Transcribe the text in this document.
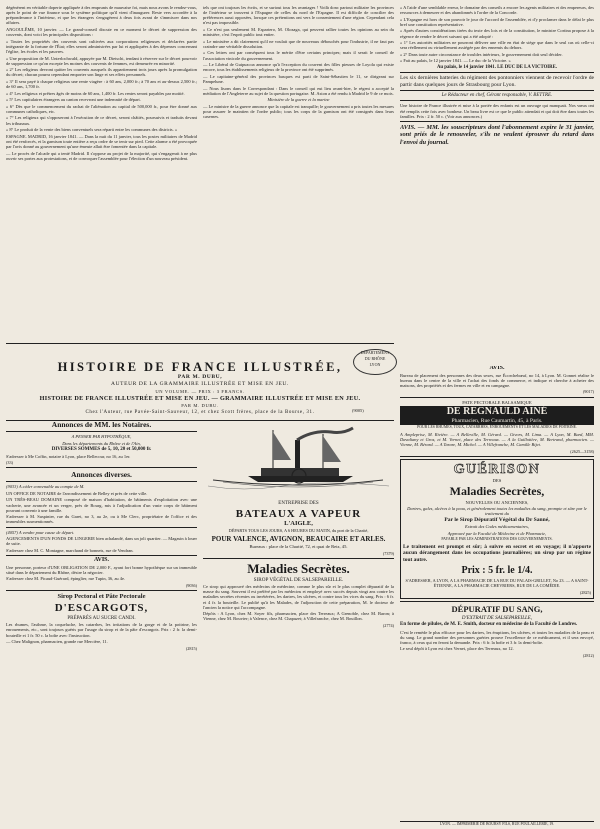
dégénérent en véritable doperie appliquée à des emprunts de mauvaise foi, mais nous avons le rendez-vous, après le point de vue finance sous le système politique qu'il vient d'inaugurer. Reste vers accordée à la préponderance à l'intérieur, et que les étrangers s'engagèrent à deux fois avant de s'immiscer dans nos affaires.

ANGOULÊME, 10 janvier. — Le grand-conseil discute en ce moment le décret de suppression des couvents, dont voici les principales dispositions :

« Toutes les propriétés des couvents sont cultivées aux corporations religieuses et déclarées partie intégrante de la fortune de l'État; elles seront administrées par lui et appliquées à des dépenses concernant l'église, les écoles et les pauvres.

« Une proposition de M. Unterlochwald, appuyée par M. Dietschi, tendant à réserver sur le décret pourvoir de suppression ce qu'on excepte les moines des couvents de femmes, est demeurée en minorité.

« 2° Les religieux devront quitter les couvents auxquels ils appartiennent trois jours après la promulgation du décret; chacun pourra cependant emporter son linge et ses effets personnels.

« 3° Il sera payé à chaque religieux une rente viagère : à 60 ans, 2,000 fr.; à 70 ans et au-dessus 2,500 fr.; de 60 ans, 1,700 fr.

« 4° Les religieux et prêtres âgés de moins de 60 ans, 1,400 fr. Les rentes seront payables par moitié.

« 5° Les capitulaires étrangers au canton recevront une indemnité de départ.

« 6° Dès que le commencement du rachat de l'aliénation au capital de 500,000 fr., pour être donné aux communes catholiques, etc.

« 7° Les religieux qui s'opposeront à l'exécution de ce décret, seront châtiés, poursuivis et traduits devant les tribunaux.

« 8° Le produit de la vente des biens conventuels sera réparti entre les communes des districts. »

ESPAGNE. MADRID, 16 janvier 1841. — Dans la nuit du 11 janvier, tous les postes militaires de Madrid ont été renforcés, et la garnison toute entière a reçu ordre de se tenir sur pied. Cette alarme a été provoquée par l'avis donné au gouvernement qu'une émeute allait être fomentée dans la capitale.

— Le procès de l'alcade qui a tenté Madrid. Il s'oppose au projet de la majorité, qui s'engagerait à ne plus ouvrir ses portes aux protestations, et de convoquer l'assemblée pour l'élection d'un nouveau président.

tels que ont toujours les écrits, et se surtout tous les avantages ! Voilà donc partout militaire les provinces de l'intérieur se trouvent à l'Espagne de celles du nord de l'Espagne. Il est difficile de concilier des préférences aussi opposées, lorsque ces prétentions ont vers le consentement d'une région. Cependant cela n'est pas impossible.

« Ce n'est pas seulement M. Espartero, M. Olozaga, qui peuvent rallier toutes les opinions au sein du ministère, c'est l'esprit public tout entier.

« Le ministère a dit clairement qu'il ne voulait que de nouveaux débouchés pour l'industrie, il ne faut pas craindre une véritable dissolution.

« Ces lettres ont par conséquent tous le mérite d'être certains principes; mais il serait le conseil de l'association vinicole du gouvernement.

— Le Libéral de Guipuzcoa annonce qu'à l'exception du couvent des filles pieuses de Loyola qui existe encore, tous les établissements religieux de la province ont été supprimés.

— Le capitaine-général des provinces basques est parti de Saint-Sébastien le 11, se dirigeant sur Pampelune.

— Nous lisons dans le Correspondant : Dans le conseil qui eut lieu avant-hier, le régent a accepté la médiation de l'Angleterre au sujet de la question portugaise. M. Aston a été rendu à Madrid le 9 de ce mois.

Ministère de la guerre et la marine

— Le ministre de la guerre annonce que la capitale est tranquille; le gouvernement a pris toutes les mesures pour assurer le maintien de l'ordre public; tous les corps de la garnison ont été consignés dans leurs casernes.

« A l'aide d'une semblable erreur, le domaine des conseils a encore les agents militaires et des empereurs, des ressources à demeurer et des abandonnés à l'ordre de la Concorde.

« L'Espagne est hors de son pouvoir le jour de l'accord de l'assemblée, et d'y proclamer dans le délai le plus bref une constitution représentative.

« Après d'autres considérations tirées du texte des lois et de la constitution, le ministre Cortina propose à la régence de rendre le décret suivant qui a été adopté :

« 1° Les autorités militaires ne pourront délivrer une ville en état de siège que dans le seul cas où celle-ci sera réellement ou virtuellement assiégée par des ennemis du dehors.

« 2° Dans toute autre circonstance de troubles intérieurs, le gouvernement doit seul décider.

« Fait au palais, le 12 janvier 1841. — Le duc de la Victoire. »

Au palais, le 14 janvier 1841. LE DUC DE LA VICTOIRE.

Les six dernières batteries du régiment des pontonniers viennent de recevoir l'ordre de partir dans quelques jours de Strasbourg pour Lyon.

Le Rédacteur en chef, Gérant responsable, V. BETTRE.

Une histoire de France illustrée et mise à la portée des enfants est un ouvrage qui manquait. Nos vœux ont été remplis cette fois avec bonheur. Un beau livre est ce que le public attendait et qui doit être dans toutes les familles. Prix : 2 fr. 50 c. (Voir aux annonces.)

AVIS. — MM. les souscripteurs dont l'abonnement expire le 31 janvier, sont priés de le renouveler, s'ils ne veulent éprouver du retard dans l'envoi du journal.

HISTOIRE DE FRANCE ILLUSTRÉE,

PAR M. DUBU,

AUTEUR DE LA GRAMMAIRE ILLUSTRÉE ET MISE EN JEU.

UN VOLUME. — PRIX : 3 FRANCS.

HISTOIRE DE FRANCE ILLUSTRÉE ET MISE EN JEU. — GRAMMAIRE ILLUSTRÉE ET MISE EN JEU.

PAR M. DUBU.

Chez l'Auteur, rue Pavée-Saint-Sauveur, 12, et chez Scott frères, place de la Bourse, 31.

DÉPARTEMENT
DU RHÔNE
LYON
(9005)

Annonces de MM. les Notaires.

A PENSER PAR HYPOTHÈQUE,

Dans les départements du Rhône et de l'Ain,

DIVERSES SOMMES de 5, 10, 20 et 50,000 fr.

S'adresser à Me Coffin, notaire à Lyon, place Bellecour, no 16, au 1er.

(33)

Annonces diverses.

(9033) A céder convenable au compte de M.

UN OFFICE DE NOTAIRE de l'arrondissement de Belley et près de cette ville.

UN TRÈS-BEAU DOMAINE composé de maison d'habitation, de bâtiments d'exploitation avec une vacherie, une avancée et un verger, près de Bourg, mis à l'adjudication d'un vaste corps de bâtiment pouvant convenir à une famille.

S'adresser à M. Suspinier, rue du Garet, no 3, au 2e, ou à Me Clerc, propriétaire de l'office et des immeubles susmentionnés.

(4057) A vendre pour cause de départ.

AGENCEMENTS D'UN FONDS DE LINGERIE bien achalandé, dans un joli quartier. — Magasin à louer de suite.

S'adresser chez M. C. Montagne, marchand de bonnets, rue de Vendran.

AVIS.

Une personne, porteur d'UNE OBLIGATION DE 2,000 F., ayant fort bonne hypothèque sur un immeuble situé dans le département du Rhône, désire la négocier.

S'adresser chez M. Picaud-Guérard, épinglier, rue Tupin, 36, au 4e.

(9036)

Sirop Pectoral et Pâte Pectorale

D'ESCARGOTS,

PRÉPARÉS AU SUCRE CANDI.

Les rhumes, l'asthme, la coqueluche, les catarrhes, les irritations de la gorge et de la poitrine, les enrouements, etc., sont toujours guéris par l'usage du sirop et de la pâte d'escargots. Prix : 2 fr. la demi-bouteille et 1 fr. 50 c. la boîte avec l'instruction.

— Chez Malignon, pharmacien, grande rue Mercière, 11.

(2815)

ENTREPRISE DES

BATEAUX A VAPEUR

L'AIGLE,

DÉPARTS TOUS LES JOURS, A 6 HEURES DU MATIN, du port de la Charité,

POUR VALENCE, AVIGNON, BEAUCAIRE ET ARLES.

Bureaux : place de la Charité, 72, et quai de Retz, 45.

(7379)

Maladies Secrètes.

SIROP VÉGÉTAL DE SALSEPAREILLE.

Ce sirop qui approuvé des médecins de médecine, comme le plus sûr et le plus complet dépuratif de la masse du sang. Souvent il est préféré par les médecins et employé avec succès depuis vingt ans contre les maladies secrètes récentes ou invétérées, les dartres, les ulcères, et contre tous les vices du sang. Prix : 6 fr. et 4 fr. la bouteille. Le publié qu'à les Malades, de l'adjonction de cette préparation, M. le docteur de l'ancien la notice qui l'accompagne.

Dépôts : A Lyon, chez M. Soyer fils, pharmacien, place des Terreaux; A Grenoble, chez M. Baron; à Vienne, chez M. Bouvier; à Valence, chez M. Chapuzet; à Villefranche, chez M. Bouillon.

(2774)

AVIS.

Bureau de placement des personnes des deux sexes, rue Écorchebœuf, no 14, à Lyon. M. Gonnet réalise le bureau dans le centre de la ville et l'achat des fonds de commerce, et indique et cherche à acheter des maisons, des propriétés et des fermes en ville et en campagne.

(9017)

PATE PECTORALE BALSAMIQUE

DE REGNAULD AINÉ
Pharmacien, Rue Caumartin, 45, à Paris.

POUR LES RHUMES, TOUX, CATARRHES, ENROUEMENTS ET LES MALADIES DE POITRINE.

A Ampleprise, M. Rivière. — A Belleville, M. Gérard. — Givors, M. Lima. — A Lyon, M. Bard, MM. Davaliany et Gros, et M. Vernet, place des Terreaux. — A la Guillotière, M. Bertrand, pharmacien. — Vienne, M. Bérard. — A Tarare, M. Michel. — A Villefranche, M. Camille Bijet.

(2625—3158)

GUÉRISON

DES

Maladies Secrètes,

NOUVELLES OU ANCIENNES,

Dartres, gales, ulcères à la peau, et généralement toutes les maladies du sang, prompte et sûre par le traitement du

Par le Sirop Dépuratif Végétal du Dr Sanné,

Extrait des Codes médicamentaires,

Approuvé par la Faculté de Médecine et de Pharmacie,

PAYABLE PAR LES ADMINISTRATIONS DES GOUVERNEMENTS.

Le traitement est prompt et sûr; à suivre en secret et en voyage; il n'apporte aucun dérangement dans les occupations journalières; un sirop par un régime tout autre.

Prix : 5 fr. le 1/4.

S'ADRESSER, A LYON, A LA PHARMACIE DE LA RUE DU PALAIS-GRILLET, No 23. — A SAINT-ÉTIENNE, A LA PHARMACIE CHEVRIERS, RUE DE LA COMÉDIE.

(2825)

DÉPURATIF DU SANG,

D'EXTRAIT DE SALSEPAREILLE,

En forme de pilules, de M. E. Smith, docteur en médecine de la Faculté de Londres.

C'est le remède le plus efficace pour les dartres, les éruptions, les ulcères, et toutes les maladies de la peau et du sang. Le grand nombre des personnes guéries prouve l'excellence de ce médicament, et il sera envoyé, franco, à ceux qui en feront la demande. Prix : 6 fr. la boîte et 3 fr. la demi-boîte.

Le seul dépôt à Lyon est chez Vernet, place des Terreaux, no 12.

(2812)

LYON. — IMPRIMERIE DE BOURSY FILS, RUE POULAILLERIE, 19.
